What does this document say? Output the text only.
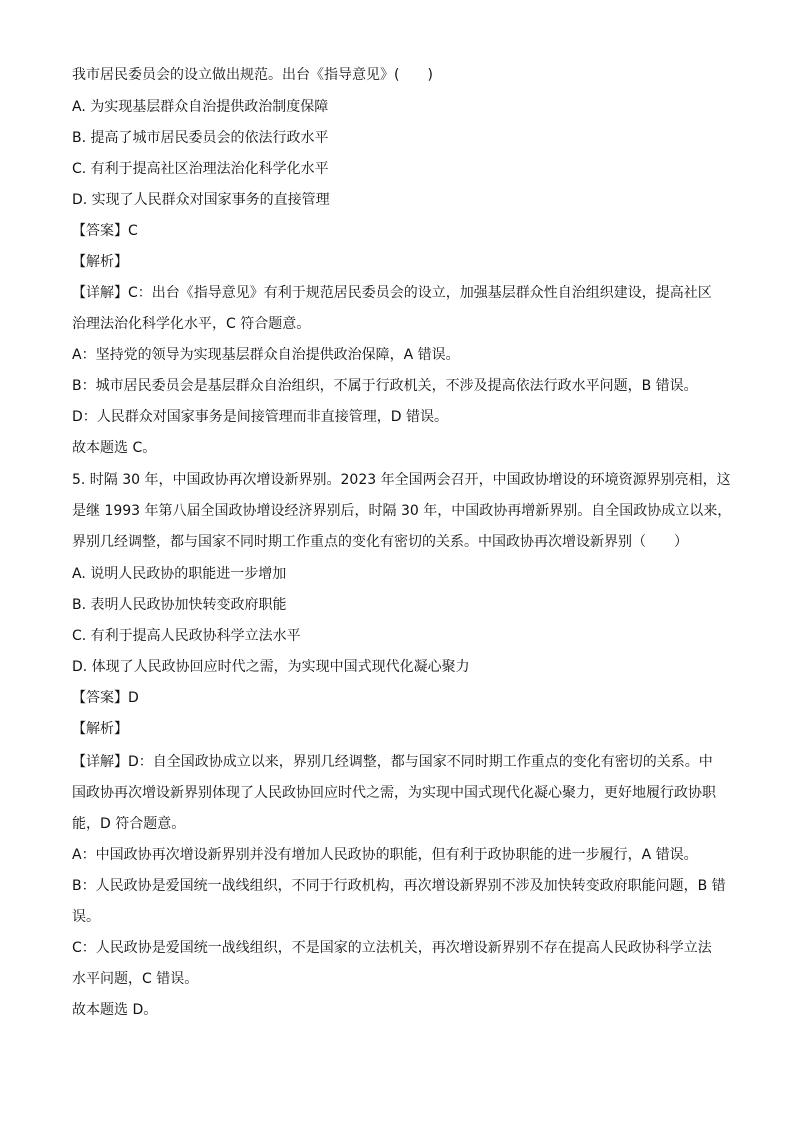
我市居民委员会的设立做出规范。出台《指导意见》(　　)
A. 为实现基层群众自治提供政治制度保障
B. 提高了城市居民委员会的依法行政水平
C. 有利于提高社区治理法治化科学化水平
D. 实现了人民群众对国家事务的直接管理
【答案】C
【解析】
【详解】C：出台《指导意见》有利于规范居民委员会的设立，加强基层群众性自治组织建设，提高社区
治理法治化科学化水平，C 符合题意。
A：坚持党的领导为实现基层群众自治提供政治保障，A 错误。
B：城市居民委员会是基层群众自治组织，不属于行政机关，不涉及提高依法行政水平问题，B 错误。
D：人民群众对国家事务是间接管理而非直接管理，D 错误。
故本题选 C。
5. 时隔 30 年，中国政协再次增设新界别。2023 年全国两会召开，中国政协增设的环境资源界别亮相，这
是继 1993 年第八届全国政协增设经济界别后，时隔 30 年，中国政协再增新界别。自全国政协成立以来，
界别几经调整，都与国家不同时期工作重点的变化有密切的关系。中国政协再次增设新界别（　　）
A. 说明人民政协的职能进一步增加
B. 表明人民政协加快转变政府职能
C. 有利于提高人民政协科学立法水平
D. 体现了人民政协回应时代之需，为实现中国式现代化凝心聚力
【答案】D
【解析】
【详解】D：自全国政协成立以来，界别几经调整，都与国家不同时期工作重点的变化有密切的关系。中
国政协再次增设新界别体现了人民政协回应时代之需，为实现中国式现代化凝心聚力，更好地履行政协职
能，D 符合题意。
A：中国政协再次增设新界别并没有增加人民政协的职能，但有利于政协职能的进一步履行，A 错误。
B：人民政协是爱国统一战线组织，不同于行政机构，再次增设新界别不涉及加快转变政府职能问题，B 错
误。
C：人民政协是爱国统一战线组织，不是国家的立法机关，再次增设新界别不存在提高人民政协科学立法
水平问题，C 错误。
故本题选 D。
